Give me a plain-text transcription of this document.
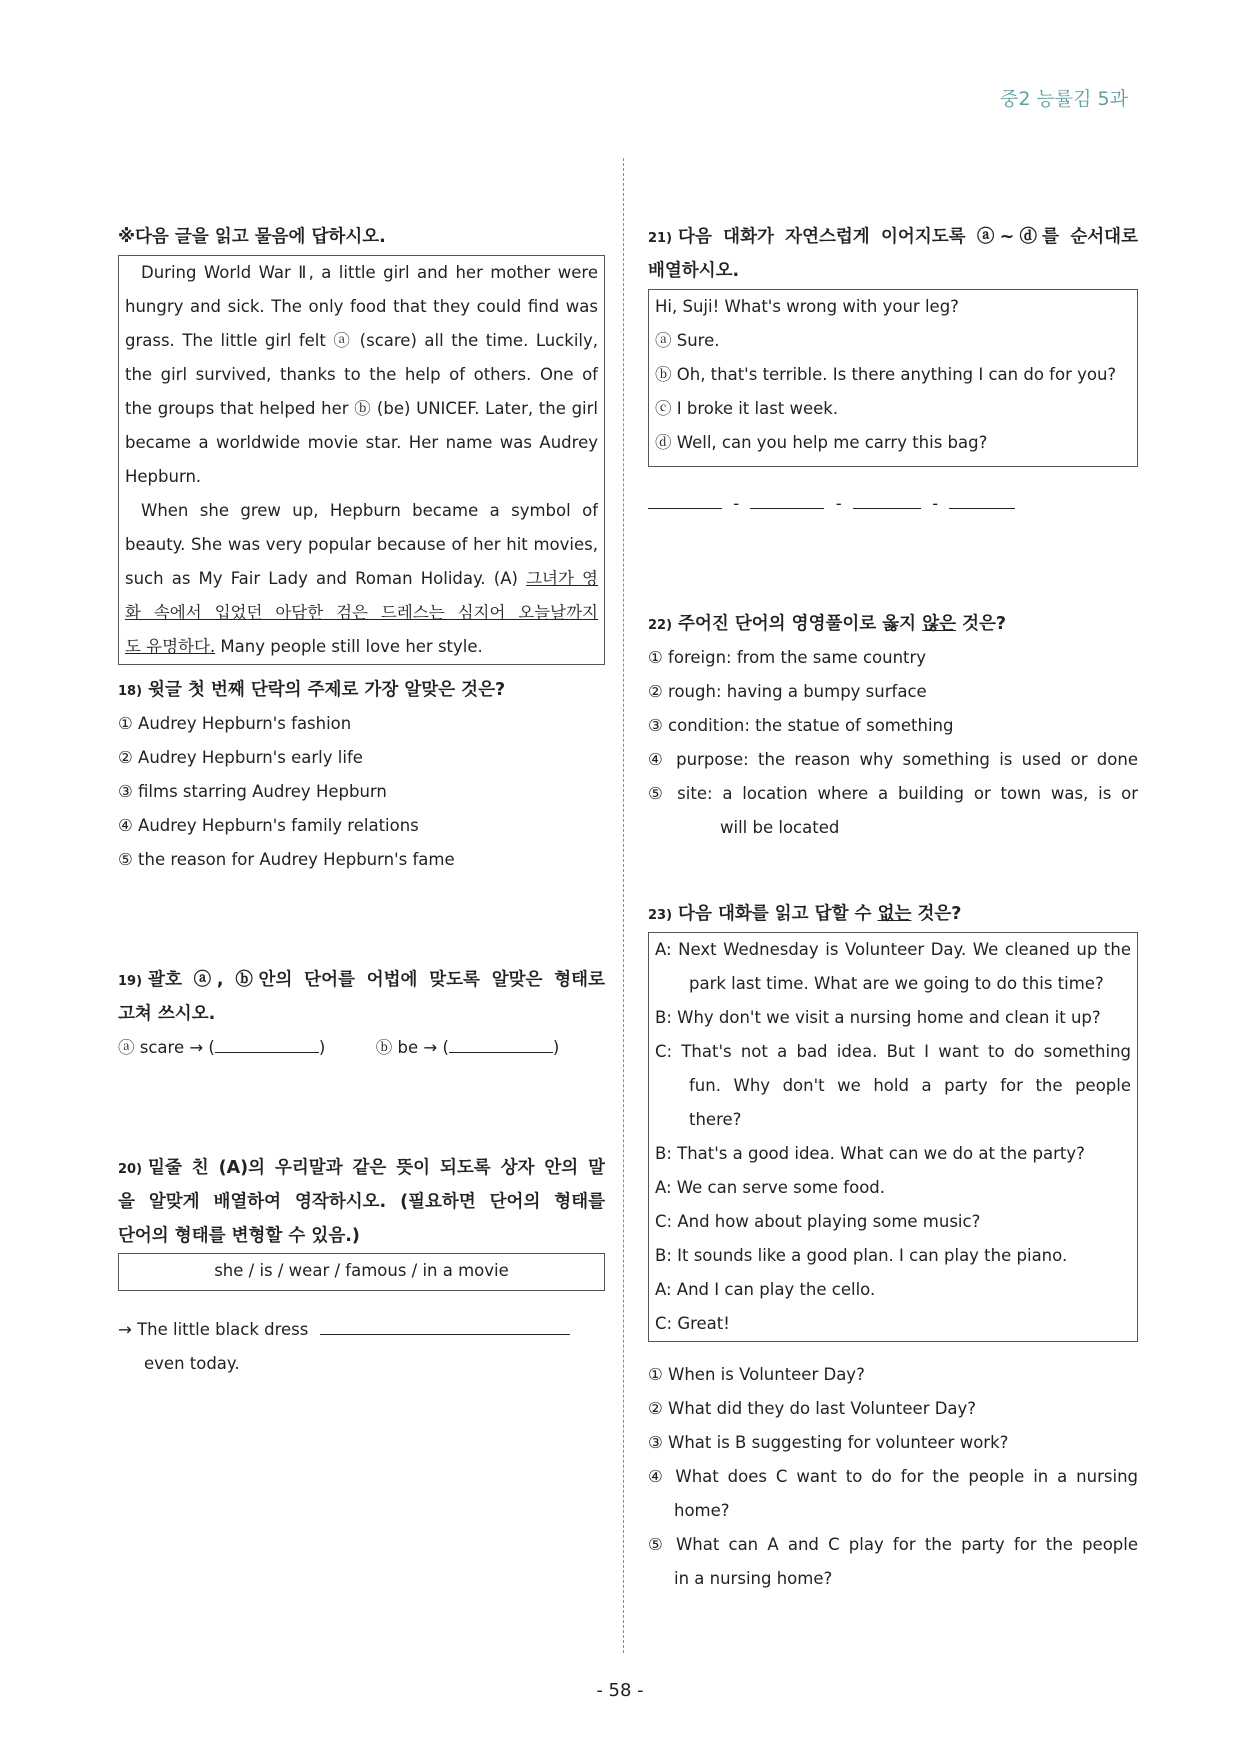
중2 능률김 5과
※다음 글을 읽고 물음에 답하시오.
During World War Ⅱ, a little girl and her mother were
hungry and sick. The only food that they could find was
grass. The little girl felt ⓐ (scare) all the time. Luckily,
the girl survived, thanks to the help of others. One of
the groups that helped her ⓑ (be) UNICEF. Later, the girl
became a worldwide movie star. Her name was Audrey
Hepburn.
When she grew up, Hepburn became a symbol of
beauty. She was very popular because of her hit movies,
such as My Fair Lady and Roman Holiday. (A) 그녀가 영
화 속에서 입었던 아담한 검은 드레스는 심지어 오늘날까지
도 유명하다. Many people still love her style.
18) 윗글 첫 번째 단락의 주제로 가장 알맞은 것은?
① Audrey Hepburn's fashion
② Audrey Hepburn's early life
③ films starring Audrey Hepburn
④ Audrey Hepburn's family relations
⑤ the reason for Audrey Hepburn's fame
19) 괄호 ⓐ, ⓑ안의 단어를 어법에 맞도록 알맞은 형태로
고쳐 쓰시오.
ⓐ scare → (	)	ⓑ be → (	)
20) 밑줄 친 (A)의 우리말과 같은 뜻이 되도록 상자 안의 말
을 알맞게 배열하여 영작하시오. (필요하면 단어의 형태를
단어의 형태를 변형할 수 있음.)
she / is / wear / famous / in a movie
→ The little black dress
even today.
21) 다음 대화가 자연스럽게 이어지도록 ⓐ~ⓓ를 순서대로
배열하시오.
Hi, Suji! What's wrong with your leg?
ⓐ Sure.
ⓑ Oh, that's terrible. Is there anything I can do for you?
ⓒ I broke it last week.
ⓓ Well, can you help me carry this bag?
-	-	-
22) 주어진 단어의 영영풀이로 옳지 않은 것은?
① foreign: from the same country
② rough: having a bumpy surface
③ condition: the statue of something
④ purpose: the reason why something is used or done
⑤ site: a location where a building or town was, is or
will be located
23) 다음 대화를 읽고 답할 수 없는 것은?
A: Next Wednesday is Volunteer Day. We cleaned up the
park last time. What are we going to do this time?
B: Why don't we visit a nursing home and clean it up?
C: That's not a bad idea. But I want to do something
fun. Why don't we hold a party for the people
there?
B: That's a good idea. What can we do at the party?
A: We can serve some food.
C: And how about playing some music?
B: It sounds like a good plan. I can play the piano.
A: And I can play the cello.
C: Great!
① When is Volunteer Day?
② What did they do last Volunteer Day?
③ What is B suggesting for volunteer work?
④ What does C want to do for the people in a nursing
home?
⑤ What can A and C play for the party for the people
in a nursing home?
- 58 -
